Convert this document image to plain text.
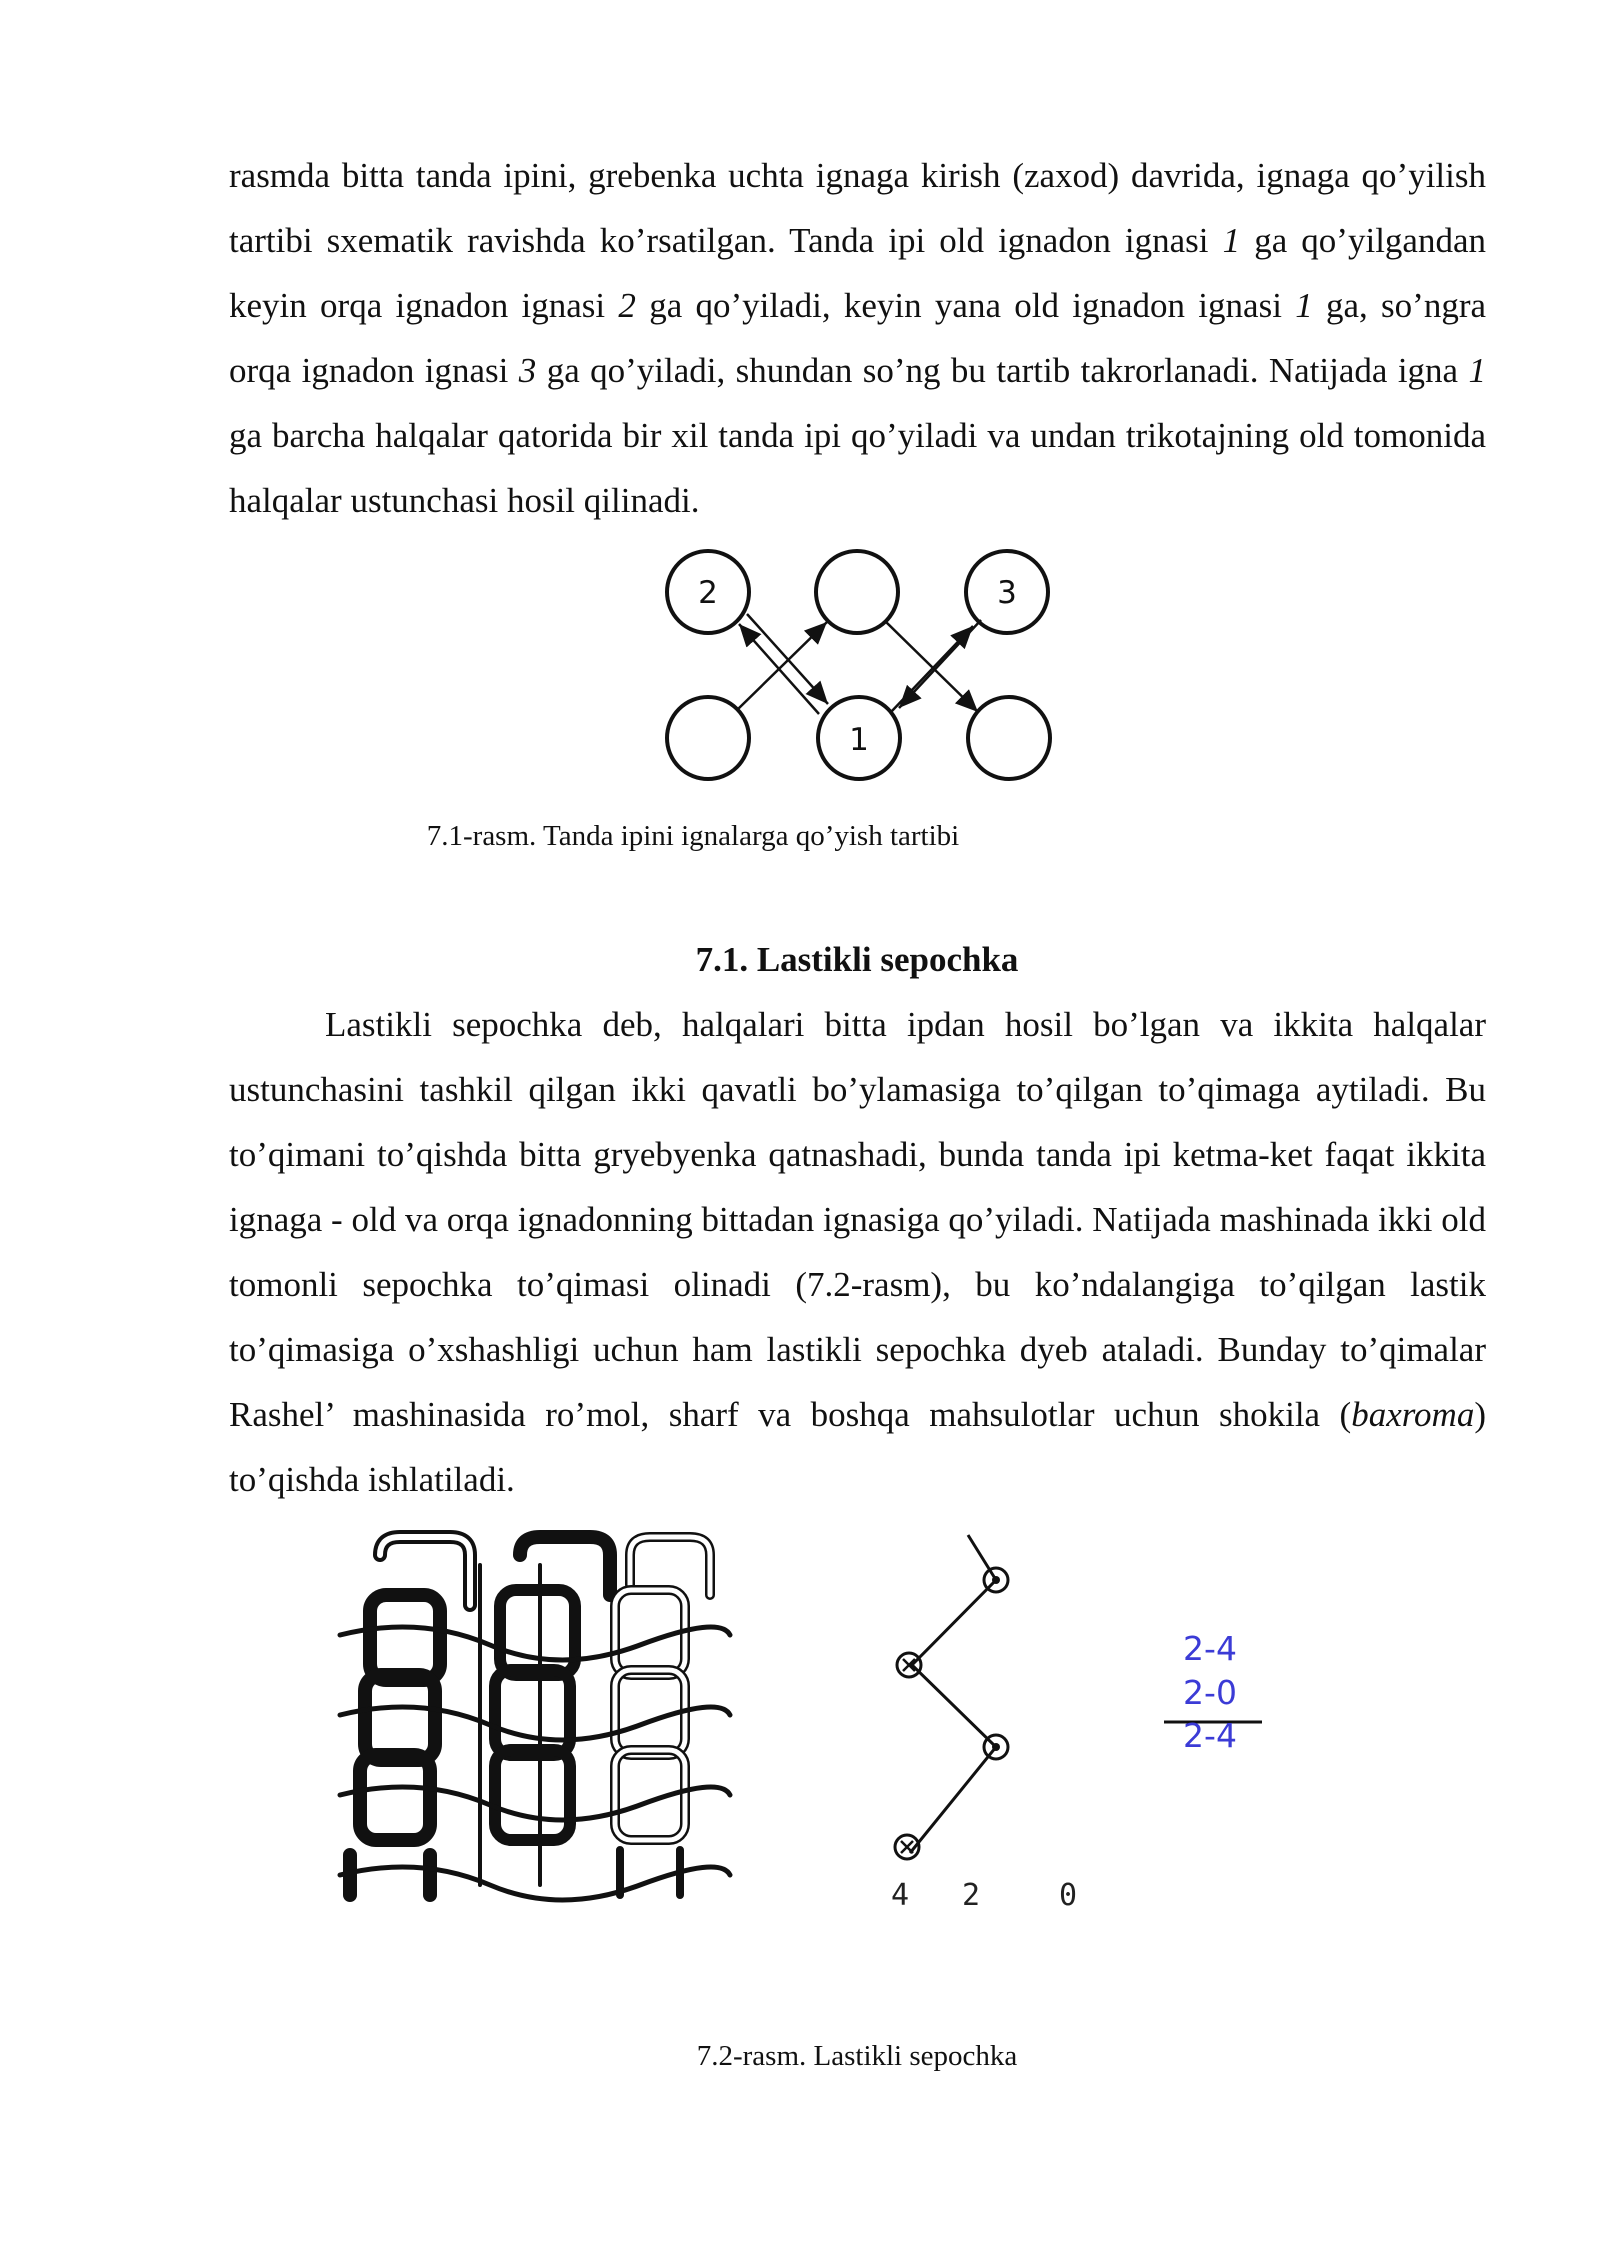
rasmda bitta tanda ipini, grebenka uchta ignaga kirish (zaxod) davrida, ignaga qo’yilish tartibi sxematik ravishda ko’rsatilgan. Tanda ipi old ignadon ignasi 1 ga qo’yilgandan keyin orqa ignadon ignasi 2 ga qo’yiladi, keyin yana old ignadon ignasi 1 ga, so’ngra orqa ignadon ignasi 3 ga qo’yiladi, shundan so’ng bu tartib takrorlanadi. Natijada igna 1 ga barcha halqalar qatorida bir xil tanda ipi qo’yiladi va undan trikotajning old tomonida halqalar ustunchasi hosil qilinadi.

2	3
1
7.1-rasm. Tanda ipini ignalarga qo’yish tartibi
7.1. Lastikli sepochka

Lastikli sepochka deb, halqalari bitta ipdan hosil bo’lgan va ikkita halqalar ustunchasini tashkil qilgan ikki qavatli bo’ylamasiga to’qilgan to’qimaga aytiladi. Bu to’qimani to’qishda bitta gryebyenka qatnashadi, bunda tanda ipi ketma-ket faqat ikkita ignaga - old va orqa ignadonning bittadan ignasiga qo’yiladi. Natijada mashinada ikki old tomonli sepochka to’qimasi olinadi (7.2-rasm), bu ko’ndalangiga to’qilgan lastik to’qimasiga o’xshashligi uchun ham lastikli sepochka dyeb ataladi. Bunday to’qimalar Rashel’ mashinasida ro’mol, sharf va boshqa mahsulotlar uchun shokila (baxroma) to’qishda ishlatiladi.

4 2	0
2-4
2-0
2-4
7.2-rasm. Lastikli sepochka
